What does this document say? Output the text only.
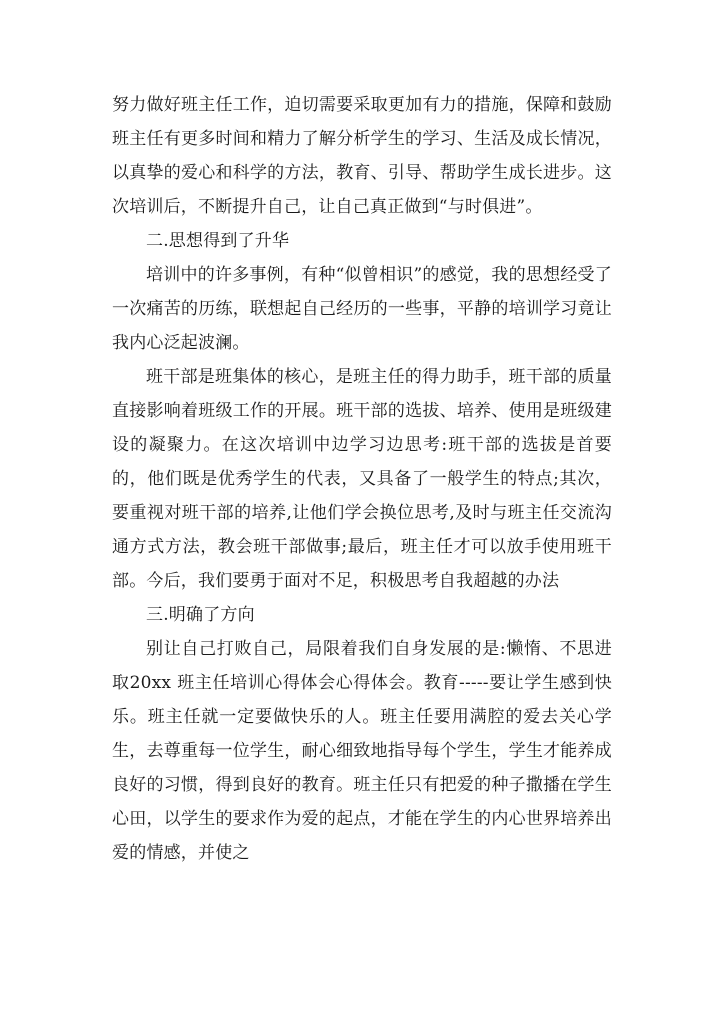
努力做好班主任工作，迫切需要采取更加有力的措施，保障和鼓励班主任有更多时间和精力了解分析学生的学习、生活及成长情况，以真挚的爱心和科学的方法，教育、引导、帮助学生成长进步。这次培训后，不断提升自己，让自己真正做到“与时俱进”。

二.思想得到了升华

培训中的许多事例，有种“似曾相识”的感觉，我的思想经受了一次痛苦的历练，联想起自己经历的一些事，平静的培训学习竟让我内心泛起波澜。

班干部是班集体的核心，是班主任的得力助手，班干部的质量直接影响着班级工作的开展。班干部的选拔、培养、使用是班级建设的凝聚力。在这次培训中边学习边思考:班干部的选拔是首要的，他们既是优秀学生的代表，又具备了一般学生的特点;其次，要重视对班干部的培养,让他们学会换位思考,及时与班主任交流沟通方式方法，教会班干部做事;最后，班主任才可以放手使用班干部。今后，我们要勇于面对不足，积极思考自我超越的办法

三.明确了方向

别让自己打败自己，局限着我们自身发展的是:懒惰、不思进取20xx 班主任培训心得体会心得体会。教育-----要让学生感到快乐。班主任就一定要做快乐的人。班主任要用满腔的爱去关心学生，去尊重每一位学生，耐心细致地指导每个学生，学生才能养成良好的习惯，得到良好的教育。班主任只有把爱的种子撒播在学生心田，以学生的要求作为爱的起点，才能在学生的内心世界培养出爱的情感，并使之
